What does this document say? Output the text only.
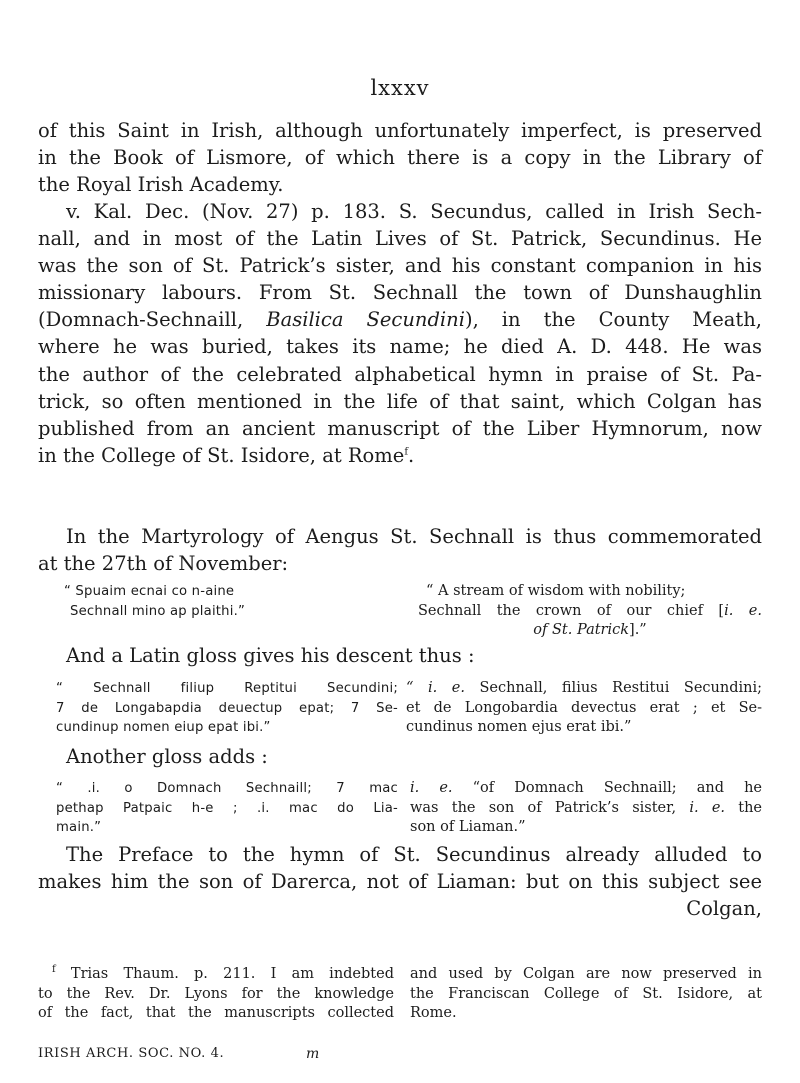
lxxxv
of this Saint in Irish, although unfortunately imperfect, is preserved
in the Book of Lismore, of which there is a copy in the Library of
the Royal Irish Academy.
v. Kal. Dec. (Nov. 27) p. 183. S. Secundus, called in Irish Sech-
nall, and in most of the Latin Lives of St. Patrick, Secundinus. He
was the son of St. Patrick’s sister, and his constant companion in his
missionary labours. From St. Sechnall the town of Dunshaughlin
(Domnach-Sechnaill, Basilica Secundini), in the County Meath,
where he was buried, takes its name; he died A. D. 448. He was
the author of the celebrated alphabetical hymn in praise of St. Pa-
trick, so often mentioned in the life of that saint, which Colgan has
published from an ancient manuscript of the Liber Hymnorum, now
in the College of St. Isidore, at Rome$^f$.
In the Martyrology of Aengus St. Sechnall is thus commemorated
at the 27th of November:
“ Spuaim ecnai co n-aine
Sechnall mino ap plaithi.”
“ A stream of wisdom with nobility;
Sechnall the crown of our chief [i. e.
of St. Patrick].”
And a Latin gloss gives his descent thus :
“ Sechnall filiup Reptitui Secundini;
7 de Longabapdia deuectup epat; 7 Se-
cundinup nomen eiup epat ibi.”
“ i. e. Sechnall, filius Restitui Secundini;
et de Longobardia devectus erat ; et Se-
cundinus nomen ejus erat ibi.”
Another gloss adds :
“ .i. o Domnach Sechnaill; 7 mac
pethap Patpaic h-e ; .i. mac do Lia-
main.”
i. e. “of Domnach Sechnaill; and he
was the son of Patrick’s sister, i. e. the
son of Liaman.”
The Preface to the hymn of St. Secundinus already alluded to
makes him the son of Darerca, not of Liaman: but on this subject see
Colgan,
$^f$ Trias Thaum. p. 211. I am indebted
to the Rev. Dr. Lyons for the knowledge
of the fact, that the manuscripts collected
and used by Colgan are now preserved in
the Franciscan College of St. Isidore, at
Rome.
IRISH ARCH. SOC. NO. 4.	m
